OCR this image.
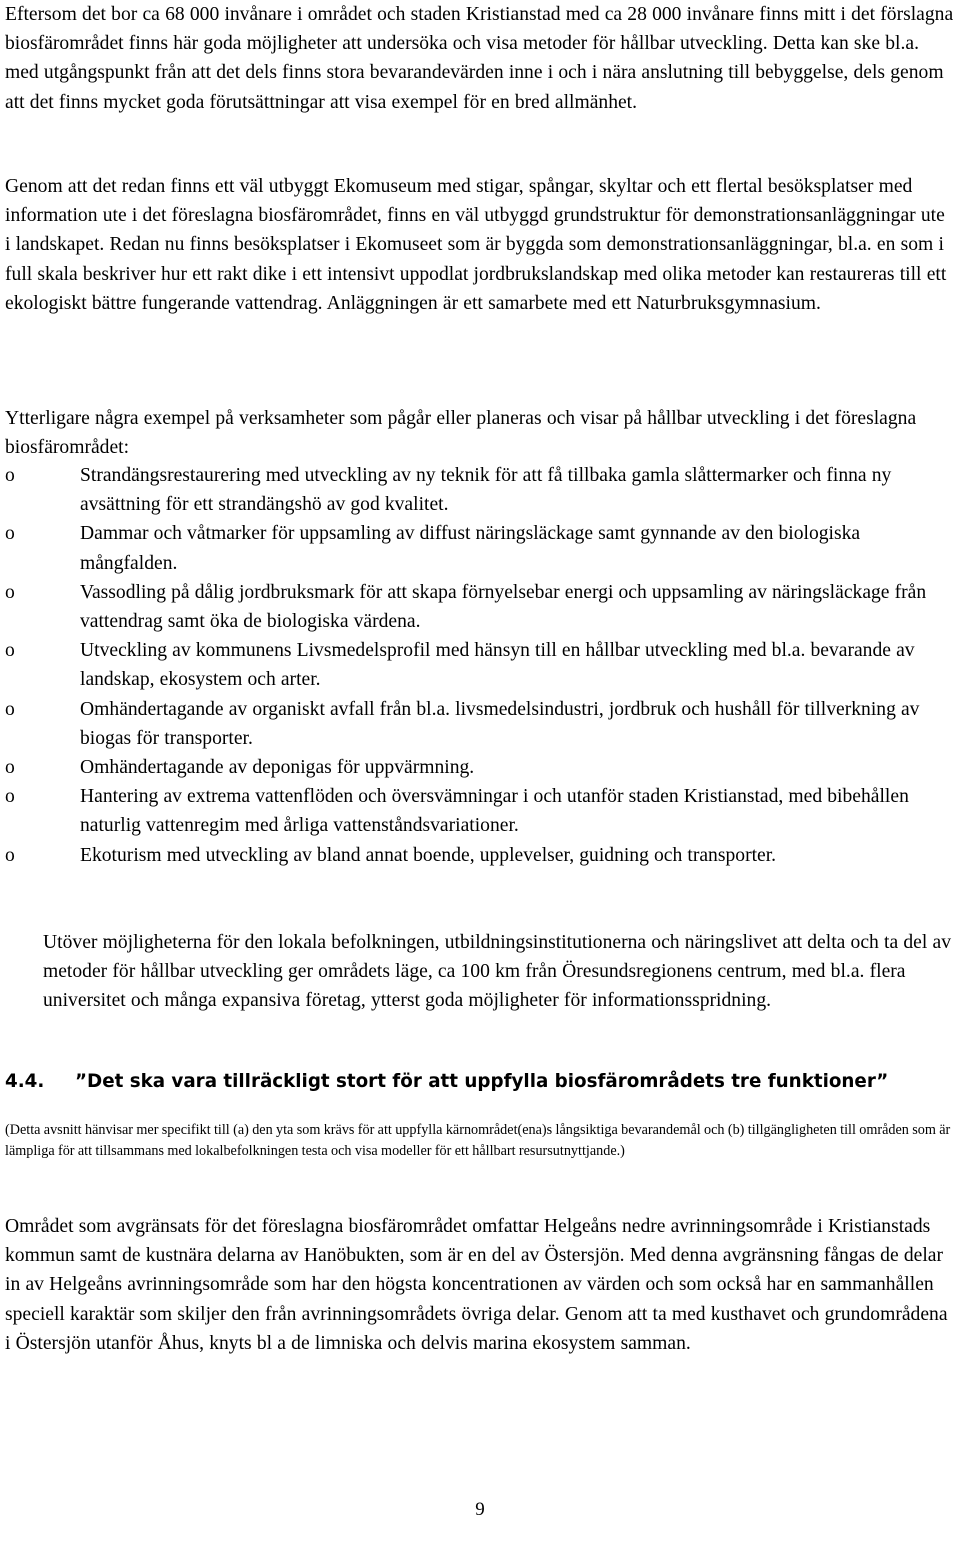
Eftersom det bor ca 68 000 invånare i området och staden Kristianstad med ca 28 000 invånare finns mitt i det förslagna biosfärområdet finns här goda möjligheter att undersöka och visa metoder för hållbar utveckling. Detta kan ske bl.a. med utgångspunkt från att det dels finns stora bevarandevärden inne i och i nära anslutning till bebyggelse, dels genom att det finns mycket goda förutsättningar att visa exempel för en bred allmänhet.

Genom att det redan finns ett väl utbyggt Ekomuseum med stigar, spångar, skyltar och ett flertal besöksplatser med information ute i det föreslagna biosfärområdet, finns en väl utbyggd grundstruktur för demonstrationsanläggningar ute i landskapet. Redan nu finns besöksplatser i Ekomuseet som är byggda som demonstrationsanläggningar, bl.a. en som i full skala beskriver hur ett rakt dike i ett intensivt uppodlat jordbrukslandskap med olika metoder kan restaureras till ett ekologiskt bättre fungerande vattendrag. Anläggningen är ett samarbete med ett Naturbruksgymnasium.

Ytterligare några exempel på verksamheter som pågår eller planeras och visar på hållbar utveckling i det föreslagna biosfärområdet:

o	Strandängsrestaurering med utveckling av ny teknik för att få tillbaka gamla slåttermarker och finna ny avsättning för ett strandängshö av god kvalitet.
o	Dammar och våtmarker för uppsamling av diffust näringsläckage samt gynnande av den biologiska mångfalden.
o	Vassodling på dålig jordbruksmark för att skapa förnyelsebar energi och uppsamling av näringsläckage från vattendrag samt öka de biologiska värdena.
o	Utveckling av kommunens Livsmedelsprofil med hänsyn till en hållbar utveckling med bl.a. bevarande av landskap, ekosystem och arter.
o	Omhändertagande av organiskt avfall från bl.a. livsmedelsindustri, jordbruk och hushåll för tillverkning av biogas för transporter.
o	Omhändertagande av deponigas för uppvärmning.
o	Hantering av extrema vattenflöden och översvämningar i och utanför staden Kristianstad, med bibehållen naturlig vattenregim med årliga vattenståndsvariationer.
o	Ekoturism med utveckling av bland annat boende, upplevelser, guidning och transporter.

Utöver möjligheterna för den lokala befolkningen, utbildningsinstitutionerna och näringslivet att delta och ta del av metoder för hållbar utveckling ger områdets läge, ca 100 km från Öresundsregionens centrum, med bl.a. flera universitet och många expansiva företag, ytterst goda möjligheter för informationsspridning.

4.4. ”Det ska vara tillräckligt stort för att uppfylla biosfärområdets tre funktioner”
(Detta avsnitt hänvisar mer specifikt till (a) den yta som krävs för att uppfylla kärnområdet(ena)s långsiktiga bevarandemål och (b) tillgängligheten till områden som är lämpliga för att tillsammans med lokalbefolkningen testa och visa modeller för ett hållbart resursutnyttjande.)

Området som avgränsats för det föreslagna biosfärområdet omfattar Helgeåns nedre avrinningsområde i Kristianstads kommun samt de kustnära delarna av Hanöbukten, som är en del av Östersjön. Med denna avgränsning fångas de delar in av Helgeåns avrinningsområde som har den högsta koncentrationen av värden och som också har en sammanhållen speciell karaktär som skiljer den från avrinningsområdets övriga delar. Genom att ta med kusthavet och grundområdena i Östersjön utanför Åhus, knyts bl a de limniska och delvis marina ekosystem samman.

9
